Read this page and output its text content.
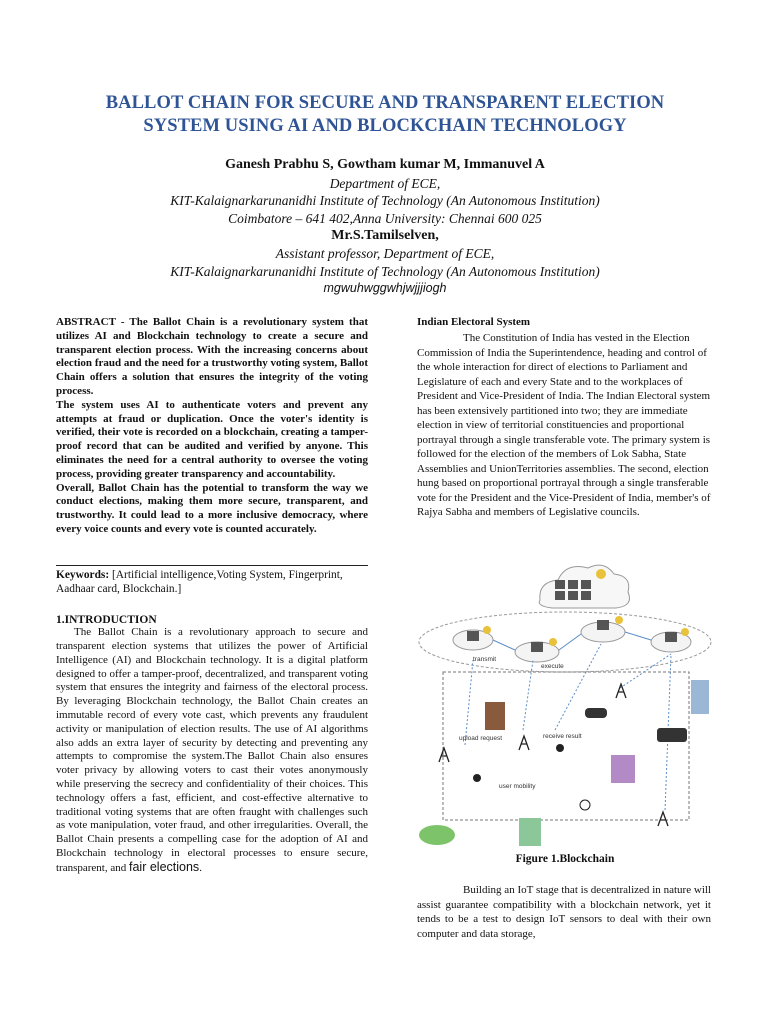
BALLOT CHAIN FOR SECURE AND TRANSPARENT ELECTION
SYSTEM USING AI AND BLOCKCHAIN TECHNOLOGY
Ganesh Prabhu S, Gowtham kumar M, Immanuvel A
Department of ECE,
KIT-Kalaignarkarunanidhi Institute of Technology (An Autonomous Institution)
Coimbatore – 641 402,Anna University: Chennai 600 025
Mr.S.Tamilselven,
Assistant professor, Department of ECE,
KIT-Kalaignarkarunanidhi Institute of Technology (An Autonomous Institution)
mgwuhwggwhjwjjjiogh

ABSTRACT - The Ballot Chain is a revolutionary system that utilizes AI and Blockchain technology to create a secure and transparent election process. With the increasing concerns about election fraud and the need for a trustworthy voting system, Ballot Chain offers a solution that ensures the integrity of the voting process.

The system uses AI to authenticate voters and prevent any attempts at fraud or duplication. Once the voter's identity is verified, their vote is recorded on a blockchain, creating a tamper-proof record that can be audited and verified by anyone. This eliminates the need for a central authority to oversee the voting process, providing greater transparency and accountability.

Overall, Ballot Chain has the potential to transform the way we conduct elections, making them more secure, transparent, and trustworthy. It could lead to a more inclusive democracy, where every voice counts and every vote is counted accurately.

Keywords: [Artificial intelligence,Voting System, Fingerprint, Aadhaar card, Blockchain.]
1.INTRODUCTION

The Ballot Chain is a revolutionary approach to secure and transparent election systems that utilizes the power of Artificial Intelligence (AI) and Blockchain technology. It is a digital platform designed to offer a tamper-proof, decentralized, and transparent voting system that ensures the integrity and fairness of the electoral process. By leveraging Blockchain technology, the Ballot Chain creates an immutable record of every vote cast, which prevents any fraudulent activity or manipulation of election results. The use of AI algorithms also adds an extra layer of security by detecting and preventing any attempts to compromise the system.The Ballot Chain also ensures voter privacy by allowing voters to cast their votes anonymously while preserving the secrecy and confidentiality of their choices. This technology offers a fast, efficient, and cost-effective alternative to traditional voting systems that are often fraught with challenges such as vote manipulation, voter fraud, and other irregularities. Overall, the Ballot Chain presents a compelling case for the adoption of AI and Blockchain technology in electoral processes to ensure secure, transparent, and fair elections.

Indian Electoral System

The Constitution of India has vested in the Election Commission of India the Superintendence, heading and control of the whole interaction for direct of elections to Parliament and Legislature of each and every State and to the workplaces of President and Vice-President of India. The Indian Electoral system has been extensively partitioned into two; they are immediate election in view of territorial constituencies and proportional portrayal through a single transferable vote. The primary system is followed for the election of the members of Lok Sabha, State Assemblies and UnionTerritories assemblies. The second, election hung based on proportional portrayal through a single transferable vote for the President and the Vice-President of India, member's of Rajya Sabha and members of Legislative councils.

transmit
execute
upload request	receive result
user mobility
Figure 1.Blockchain

Building an IoT stage that is decentralized in nature will assist guarantee compatibility with a blockchain network, yet it tends to be a test to design IoT sensors to deal with their own computer and data storage,
